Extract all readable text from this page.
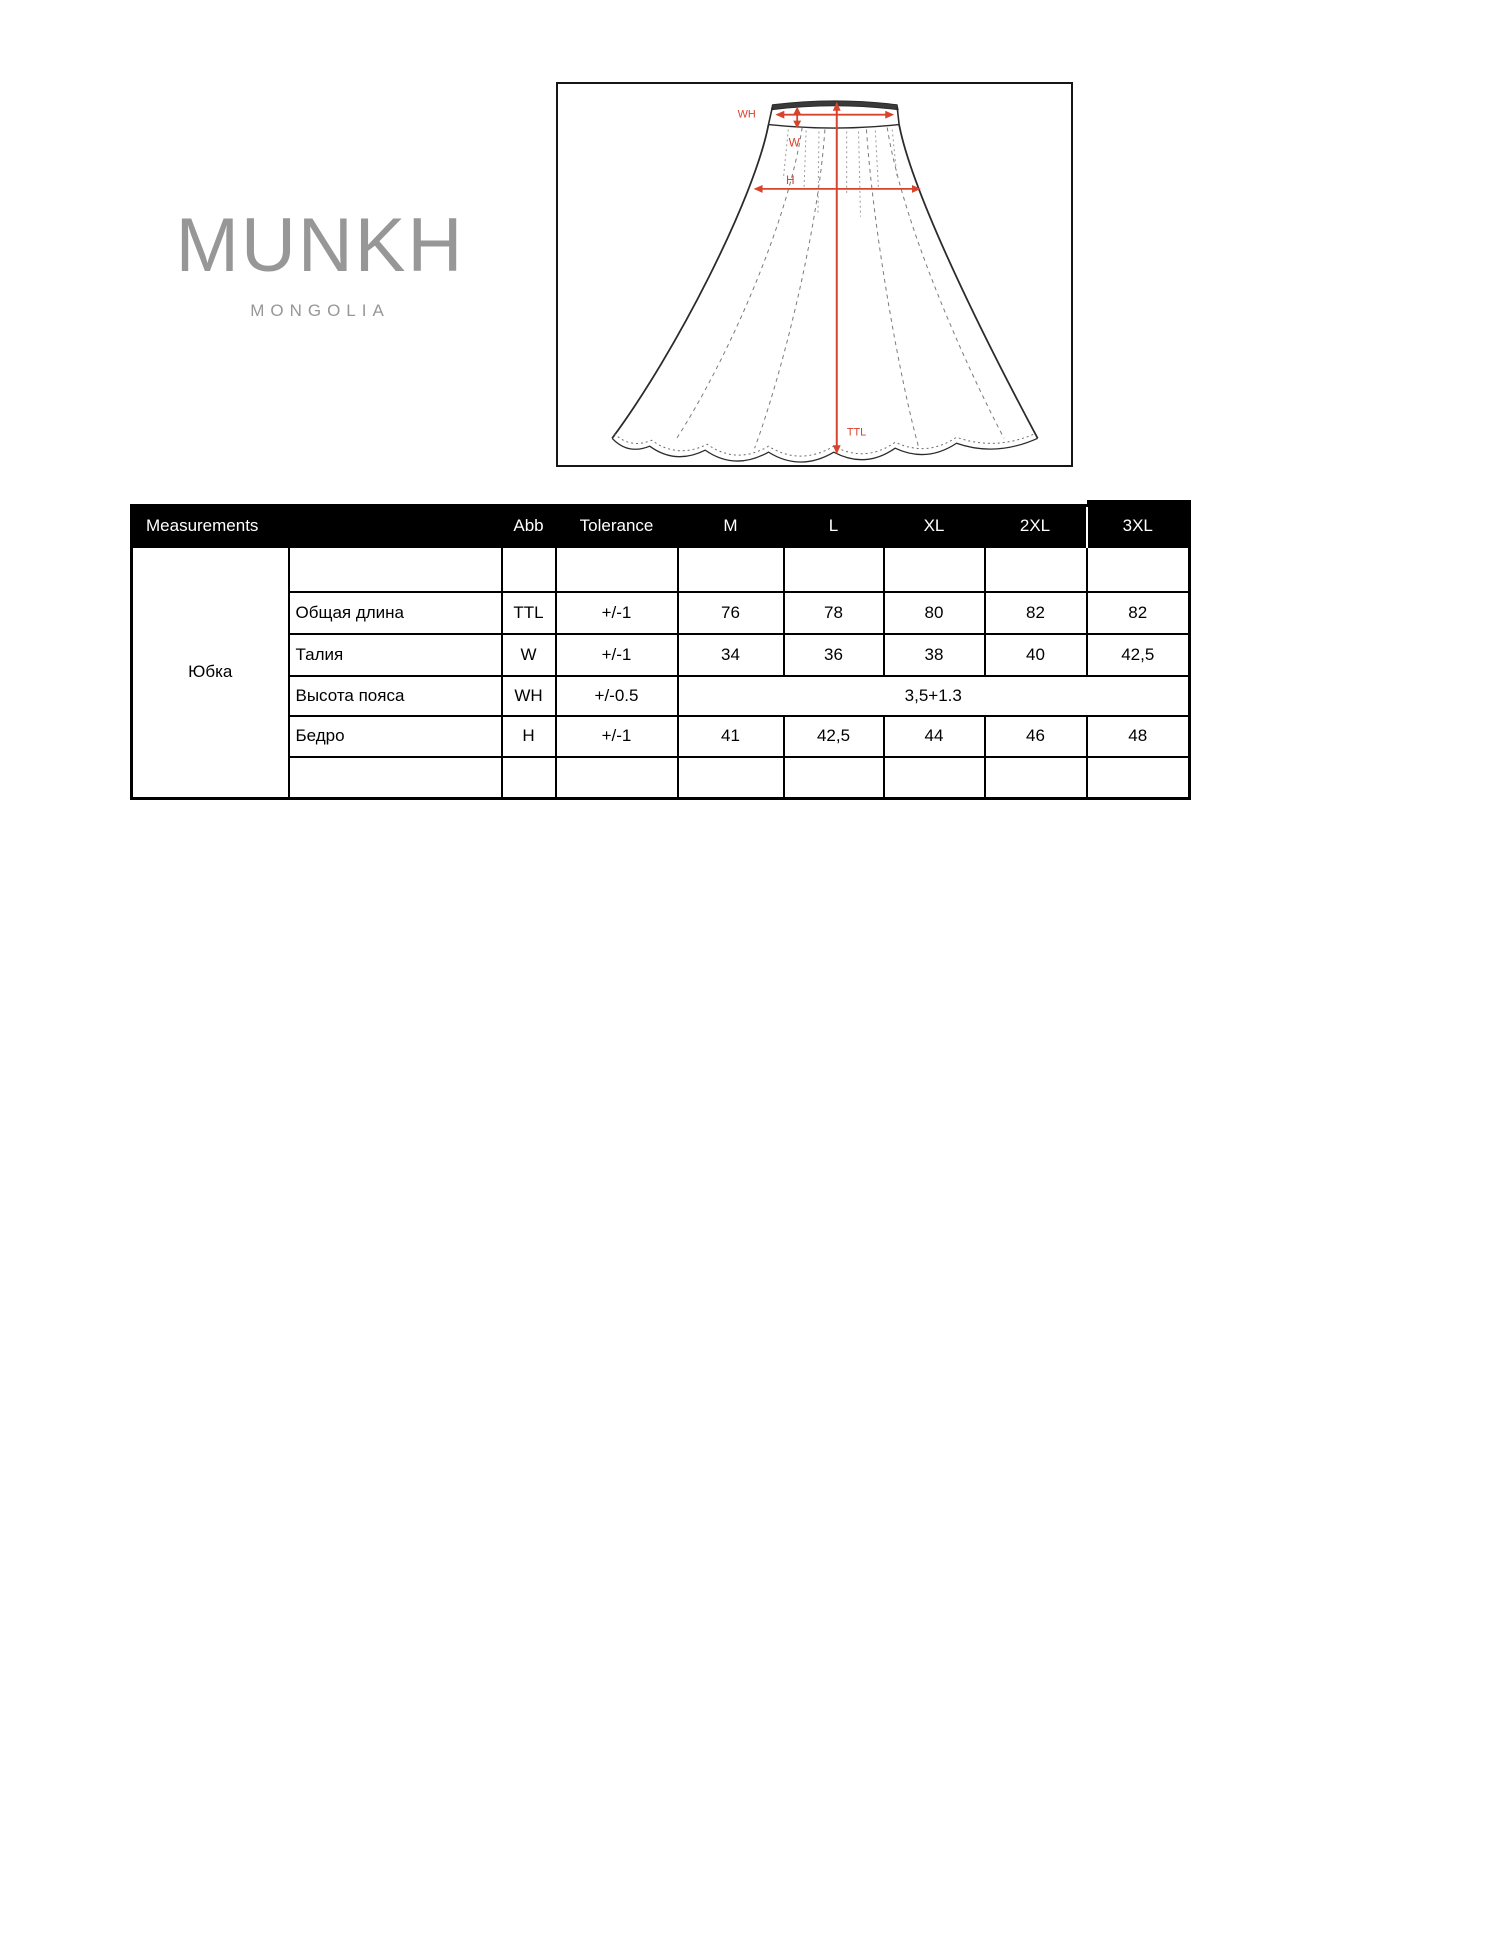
MUNKH
MONGOLIA
WH
W
H
TTL
Measurements		Abb	Tolerance	M	L	XL	2XL	3XL
Юбка								
	Общая длина	TTL	+/-1	76	78	80	82	82
	Талия	W	+/-1	34	36	38	40	42,5
	Высота пояса	WH	+/-0.5	3,5+1.3				
	Бедро	H	+/-1	41	42,5	44	46	48
